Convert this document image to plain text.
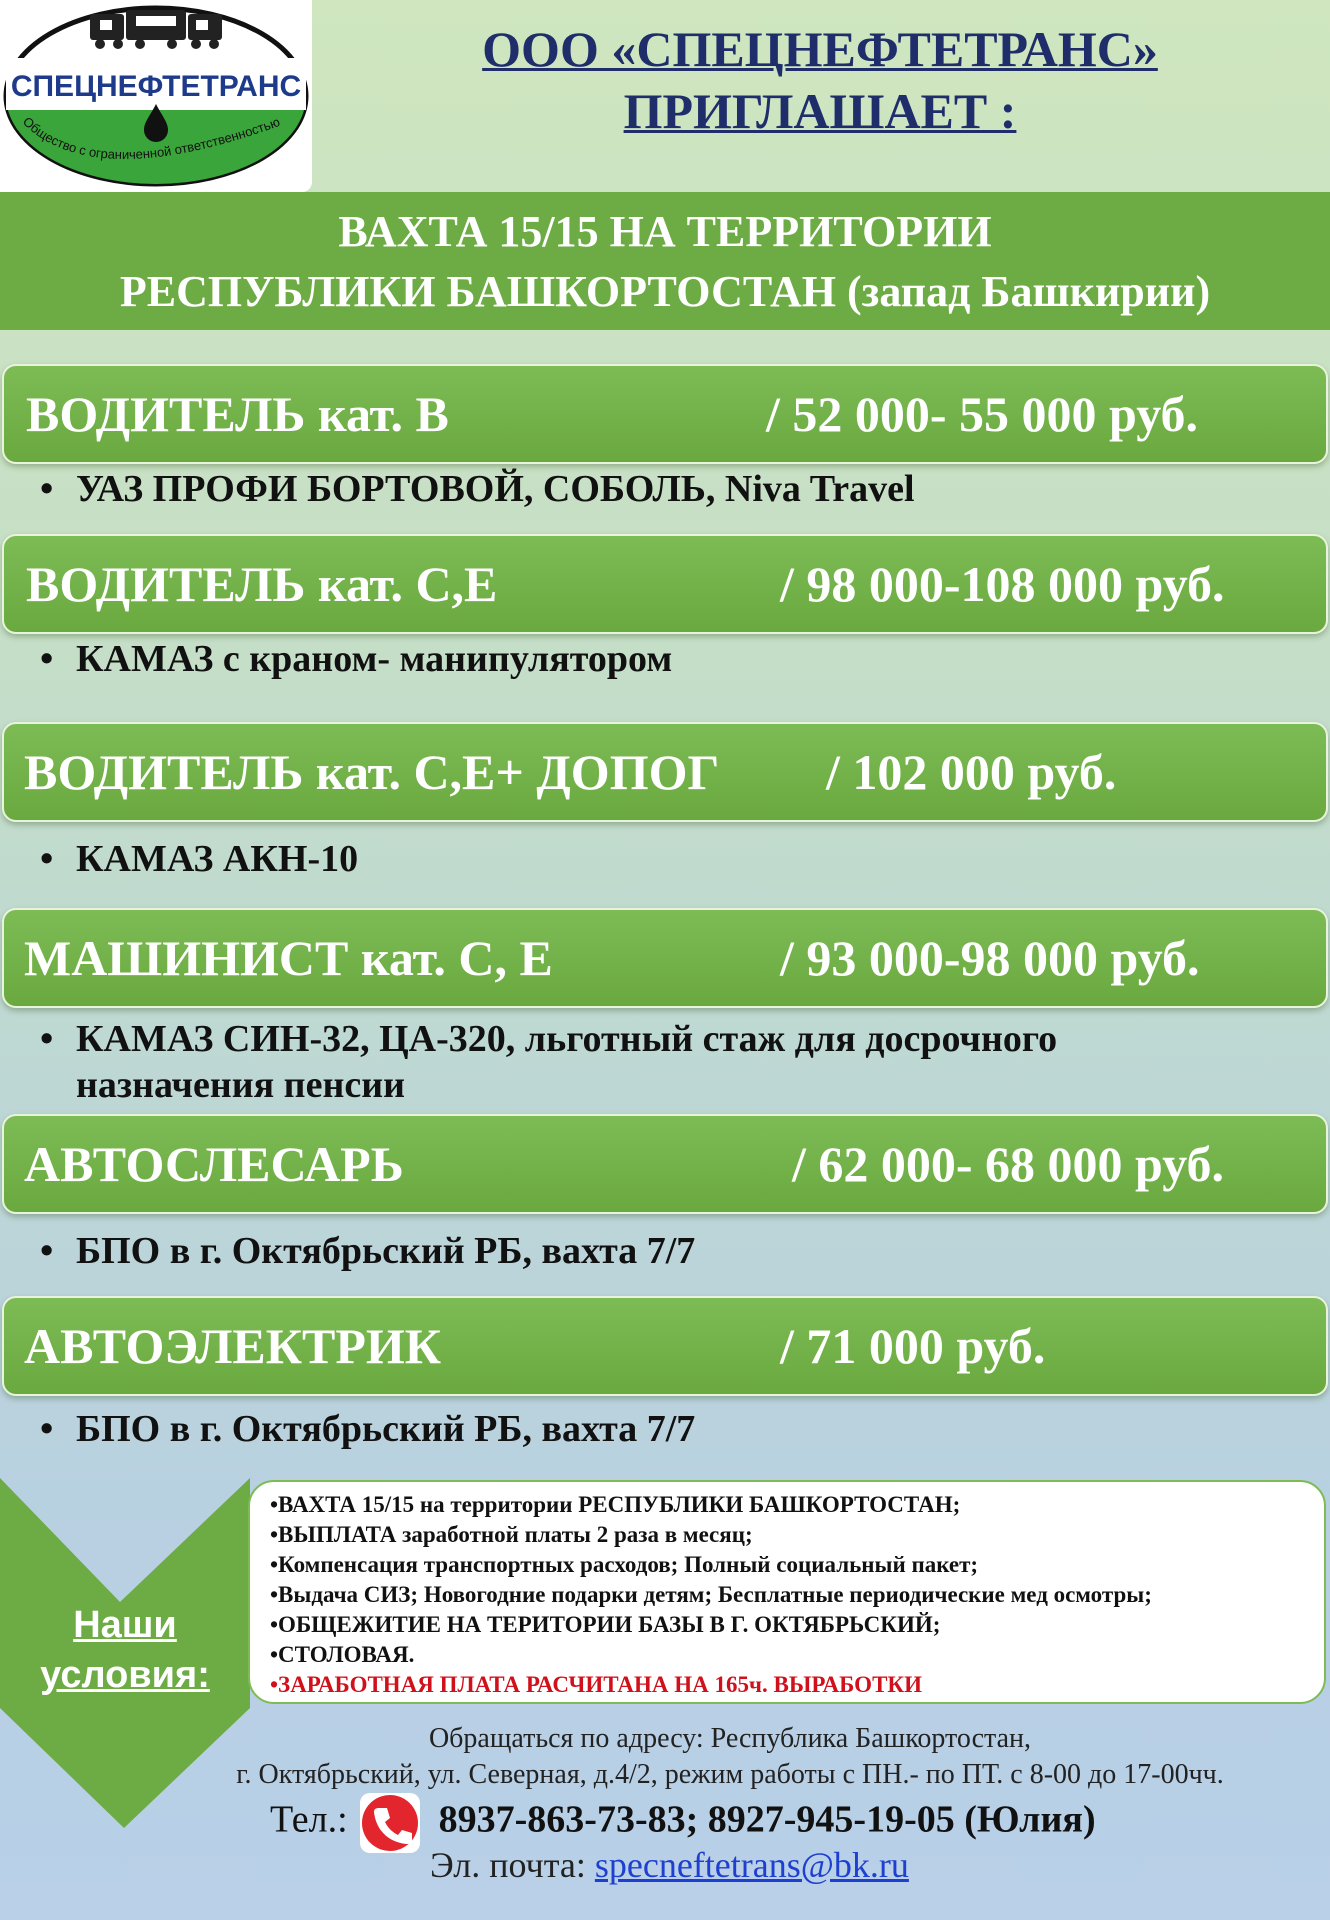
СПЕЦНЕФТЕТРАНС
Общество с ограниченной ответственностью
ООО «СПЕЦНЕФТЕТРАНС»
ПРИГЛАШАЕТ :
ВАХТА 15/15 НА ТЕРРИТОРИИ
РЕСПУБЛИКИ БАШКОРТОСТАН (запад Башкирии)
ВОДИТЕЛЬ кат. В	/ 52 000- 55 000 руб.
• УАЗ ПРОФИ БОРТОВОЙ, СОБОЛЬ, Niva Travel
ВОДИТЕЛЬ кат. С,Е	/ 98 000-108 000 руб.
• КАМАЗ с краном- манипулятором
ВОДИТЕЛЬ кат. С,Е+ ДОПОГ / 102 000 руб.
• КАМАЗ АКН-10
МАШИНИСТ кат. С, Е	/ 93 000-98 000 руб.
• КАМАЗ СИН-32, ЦА-320, льготный стаж для досрочного
назначения пенсии
АВТОСЛЕСАРЬ	/ 62 000- 68 000 руб.
• БПО в г. Октябрьский РБ, вахта 7/7
АВТОЭЛЕКТРИК	/ 71 000 руб.
• БПО в г. Октябрьский РБ, вахта 7/7
Наши
условия:
•ВАХТА 15/15 на территории РЕСПУБЛИКИ БАШКОРТОСТАН;
•ВЫПЛАТА заработной платы 2 раза в месяц;
•Компенсация транспортных расходов; Полный социальный пакет;
•Выдача СИЗ; Новогодние подарки детям; Бесплатные периодические мед осмотры;
•ОБЩЕЖИТИЕ НА ТЕРИТОРИИ БАЗЫ В Г. ОКТЯБРЬСКИЙ;
•СТОЛОВАЯ.
•ЗАРАБОТНАЯ ПЛАТА РАСЧИТАНА НА 165ч. ВЫРАБОТКИ
Обращаться по адресу: Республика Башкортостан,
г. Октябрьский, ул. Северная, д.4/2, режим работы с ПН.- по ПТ. с 8-00 до 17-00чч.
Тел.: 8937-863-73-83; 8927-945-19-05 (Юлия)
Эл. почта: specneftetrans@bk.ru
